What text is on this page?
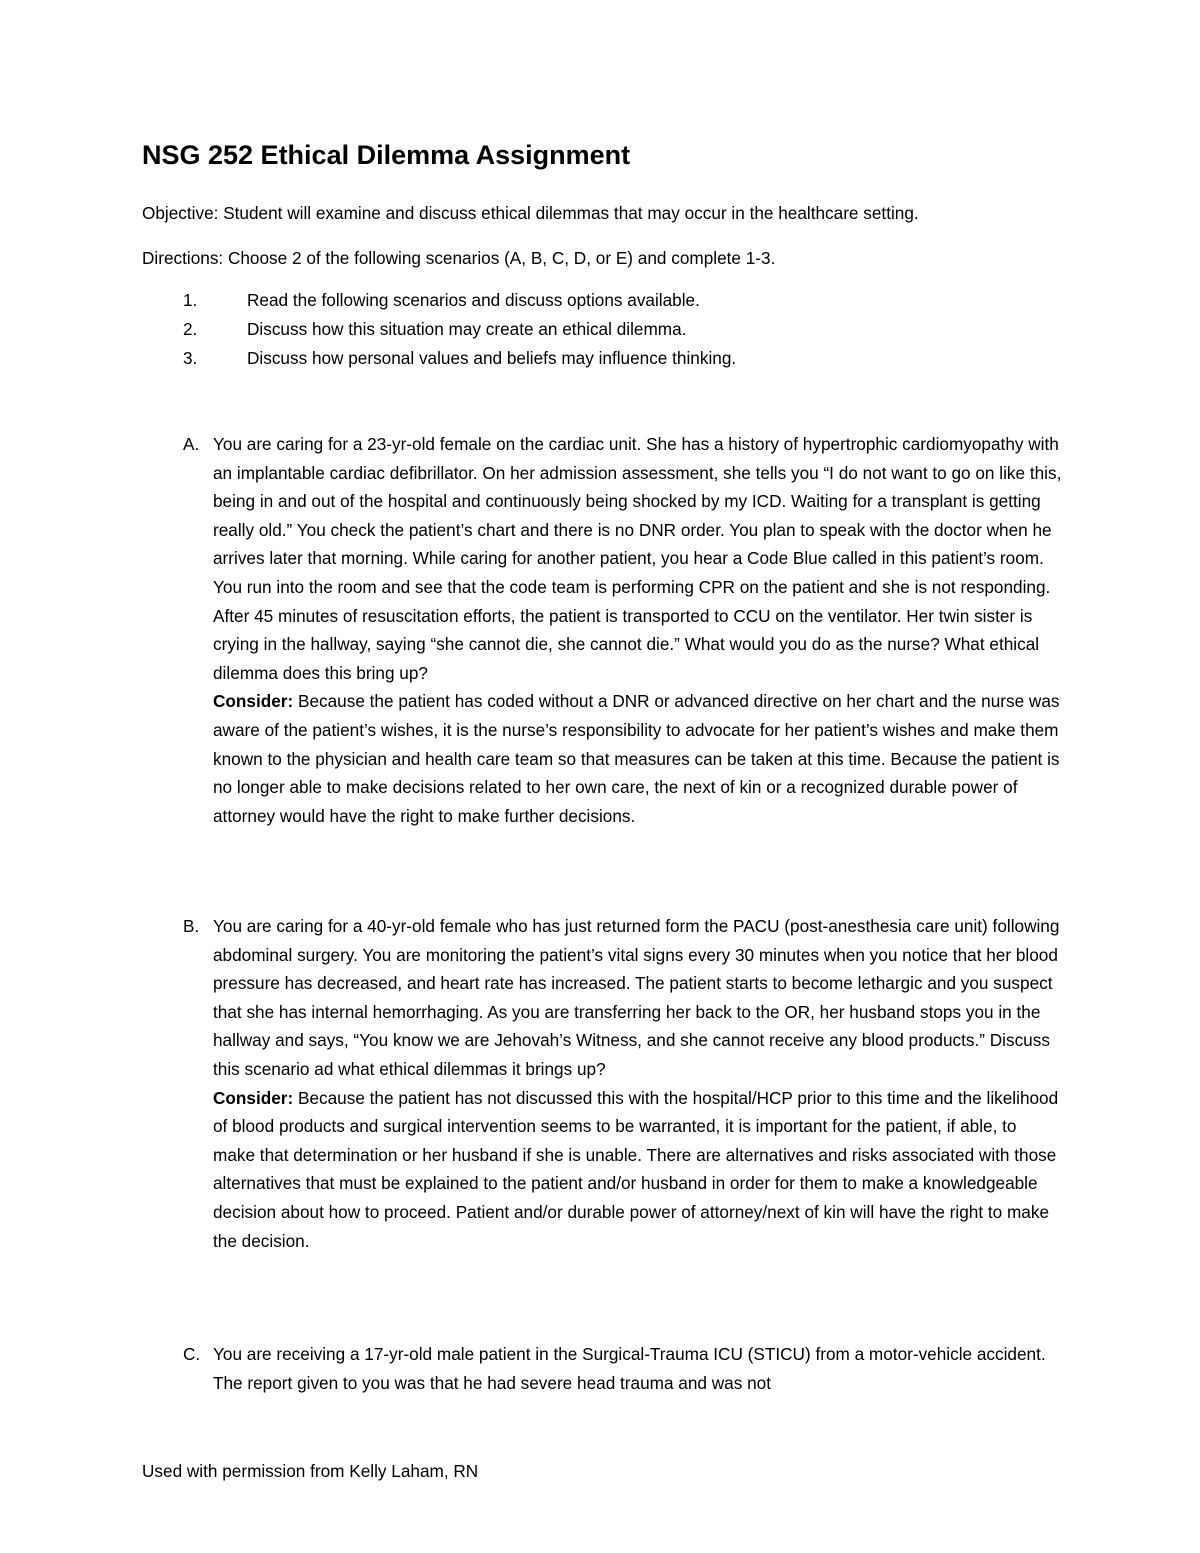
NSG 252 Ethical Dilemma Assignment
Objective: Student will examine and discuss ethical dilemmas that may occur in the healthcare setting.
Directions: Choose 2 of the following scenarios (A, B, C, D, or E) and complete 1-3.
1.	Read the following scenarios and discuss options available.
2.	Discuss how this situation may create an ethical dilemma.
3.	Discuss how personal values and beliefs may influence thinking.
A. You are caring for a 23-yr-old female on the cardiac unit. She has a history of hypertrophic cardiomyopathy with an implantable cardiac defibrillator. On her admission assessment, she tells you “I do not want to go on like this, being in and out of the hospital and continuously being shocked by my ICD. Waiting for a transplant is getting really old.” You check the patient’s chart and there is no DNR order. You plan to speak with the doctor when he arrives later that morning. While caring for another patient, you hear a Code Blue called in this patient’s room. You run into the room and see that the code team is performing CPR on the patient and she is not responding. After 45 minutes of resuscitation efforts, the patient is transported to CCU on the ventilator. Her twin sister is crying in the hallway, saying “she cannot die, she cannot die.” What would you do as the nurse? What ethical dilemma does this bring up?

Consider: Because the patient has coded without a DNR or advanced directive on her chart and the nurse was aware of the patient’s wishes, it is the nurse’s responsibility to advocate for her patient’s wishes and make them known to the physician and health care team so that measures can be taken at this time. Because the patient is no longer able to make decisions related to her own care, the next of kin or a recognized durable power of attorney would have the right to make further decisions.

B. You are caring for a 40-yr-old female who has just returned form the PACU (post-anesthesia care unit) following abdominal surgery. You are monitoring the patient’s vital signs every 30 minutes when you notice that her blood pressure has decreased, and heart rate has increased. The patient starts to become lethargic and you suspect that she has internal hemorrhaging. As you are transferring her back to the OR, her husband stops you in the hallway and says, “You know we are Jehovah’s Witness, and she cannot receive any blood products.” Discuss this scenario ad what ethical dilemmas it brings up?

Consider: Because the patient has not discussed this with the hospital/HCP prior to this time and the likelihood of blood products and surgical intervention seems to be warranted, it is important for the patient, if able, to make that determination or her husband if she is unable. There are alternatives and risks associated with those alternatives that must be explained to the patient and/or husband in order for them to make a knowledgeable decision about how to proceed. Patient and/or durable power of attorney/next of kin will have the right to make the decision.

C. You are receiving a 17-yr-old male patient in the Surgical-Trauma ICU (STICU) from a motor-vehicle accident. The report given to you was that he had severe head trauma and was not

Used with permission from Kelly Laham, RN
